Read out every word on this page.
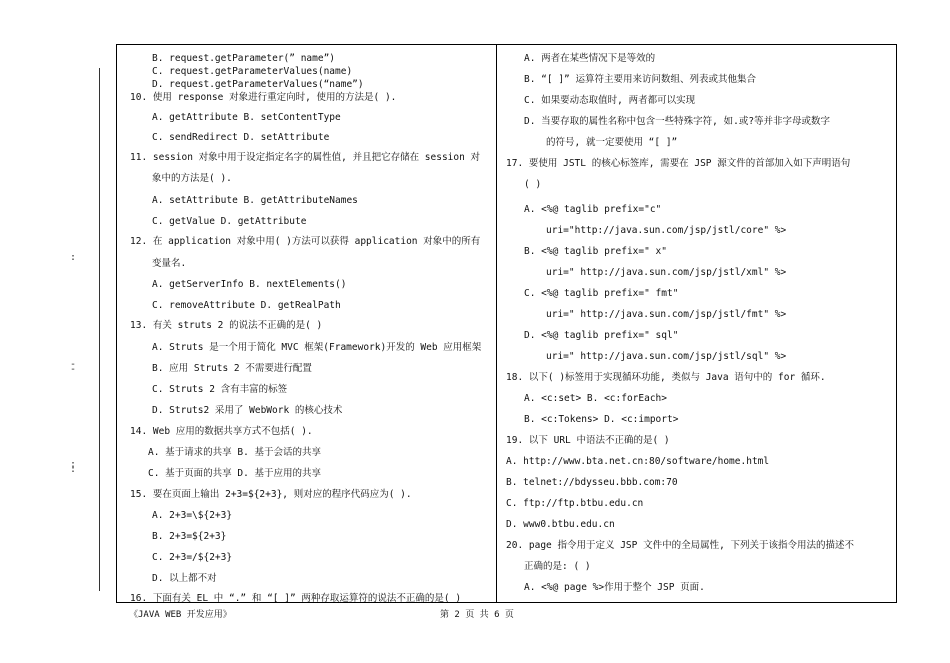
:
-
-
:
:
B. request.getParameter(” name”)
C. request.getParameterValues(name)
D. request.getParameterValues(“name”)
10. 使用 response 对象进行重定向时, 使用的方法是( ).
A. getAttribute B. setContentType
C. sendRedirect D. setAttribute
11. session 对象中用于设定指定名字的属性值, 并且把它存储在 session 对
象中的方法是( ).
A. setAttribute B. getAttributeNames
C. getValue D. getAttribute
12. 在 application 对象中用( )方法可以获得 application 对象中的所有
变量名.
A. getServerInfo B. nextElements()
C. removeAttribute D. getRealPath
13. 有关 struts 2 的说法不正确的是( )
A. Struts 是一个用于简化 MVC 框架(Framework)开发的 Web 应用框架
B. 应用 Struts 2 不需要进行配置
C. Struts 2 含有丰富的标签
D. Struts2 采用了 WebWork 的核心技术
14. Web 应用的数据共享方式不包括( ).
A. 基于请求的共享 B. 基于会话的共享
C. 基于页面的共享 D. 基于应用的共享
15. 要在页面上输出 2+3=${2+3}, 则对应的程序代码应为( ).
A. 2+3=\${2+3}
B. 2+3=${2+3}
C. 2+3=/${2+3}
D. 以上都不对
16. 下面有关 EL 中 “.” 和 “[ ]” 两种存取运算符的说法不正确的是( )
A. 两者在某些情况下是等效的
B. “[ ]” 运算符主要用来访问数组、列表或其他集合
C. 如果要动态取值时, 两者都可以实现
D. 当要存取的属性名称中包含一些特殊字符, 如.或?等并非字母或数字
的符号, 就一定要使用 “[ ]”
17. 要使用 JSTL 的核心标签库, 需要在 JSP 源文件的首部加入如下声明语句
( )
A. <%@ taglib prefix="c"
uri="http://java.sun.com/jsp/jstl/core" %>
B. <%@ taglib prefix=" x"
uri=" http://java.sun.com/jsp/jstl/xml" %>
C. <%@ taglib prefix=" fmt"
uri=" http://java.sun.com/jsp/jstl/fmt" %>
D. <%@ taglib prefix=" sql"
uri=" http://java.sun.com/jsp/jstl/sql" %>
18. 以下( )标签用于实现循环功能, 类似与 Java 语句中的 for 循环.
A. <c:set> B. <c:forEach>
B. <c:Tokens> D. <c:import>
19. 以下 URL 中语法不正确的是( )
A. http://www.bta.net.cn:80/software/home.html
B. telnet://bdysseu.bbb.com:70
C. ftp://ftp.btbu.edu.cn
D. www0.btbu.edu.cn
20. page 指令用于定义 JSP 文件中的全局属性, 下列关于该指令用法的描述不
正确的是: ( )
A. <%@ page %>作用于整个 JSP 页面.
《JAVA WEB 开发应用》	第 2 页 共 6 页
